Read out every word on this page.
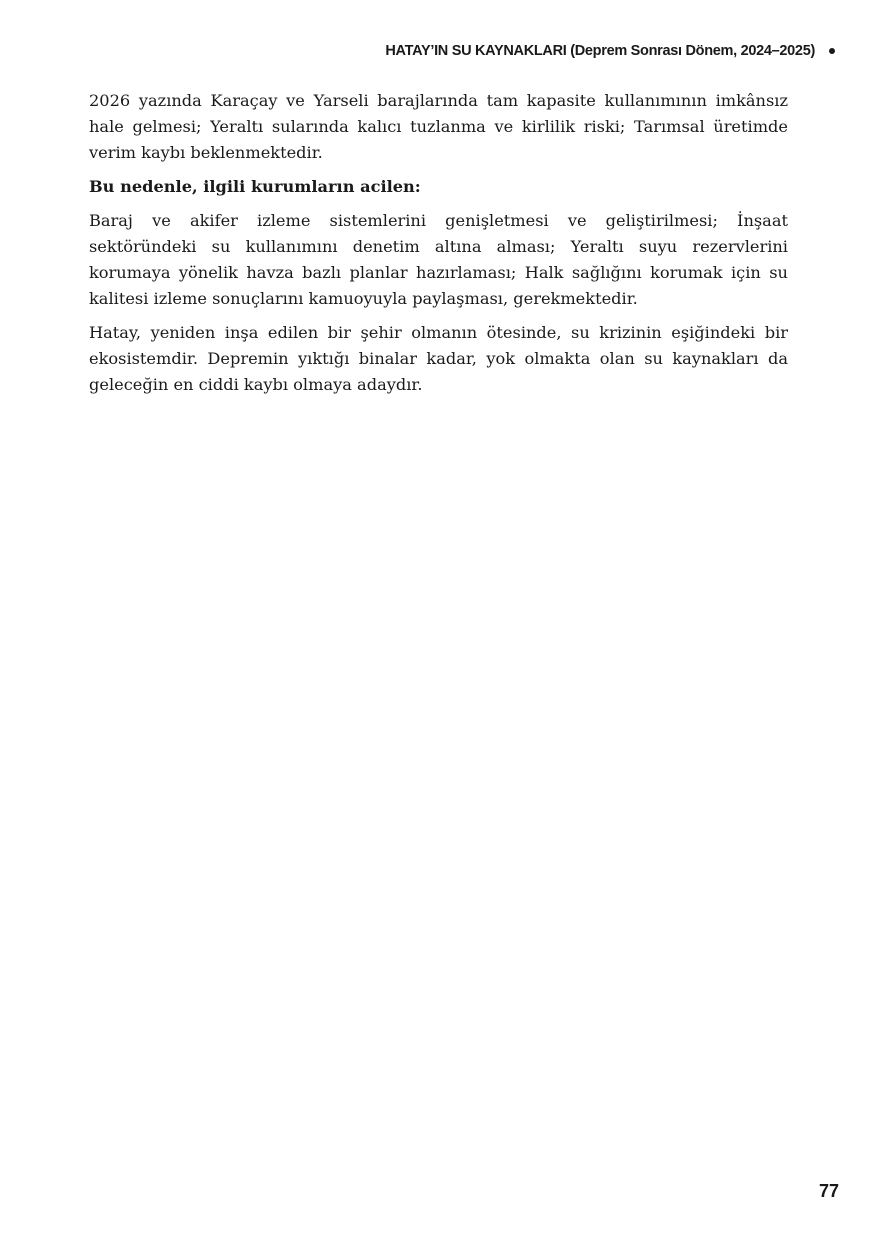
HATAY’IN SU KAYNAKLARI (Deprem Sonrası Dönem, 2024–2025)

2026 yazında Karaçay ve Yarseli barajlarında tam kapasite kullanımının imkânsız hale gelmesi; Yeraltı sularında kalıcı tuzlanma ve kirlilik riski; Tarımsal üretimde verim kaybı beklenmektedir.

Bu nedenle, ilgili kurumların acilen:

Baraj ve akifer izleme sistemlerini genişletmesi ve geliştirilmesi; İnşaat sektöründeki su kullanımını denetim altına alması; Yeraltı suyu rezervlerini korumaya yönelik havza bazlı planlar hazırlaması; Halk sağlığını korumak için su kalitesi izleme sonuçlarını kamuoyuyla paylaşması, gerekmektedir.

Hatay, yeniden inşa edilen bir şehir olmanın ötesinde, su krizinin eşiğindeki bir ekosistemdir. Depremin yıktığı binalar kadar, yok olmakta olan su kaynakları da geleceğin en ciddi kaybı olmaya adaydır.

77
